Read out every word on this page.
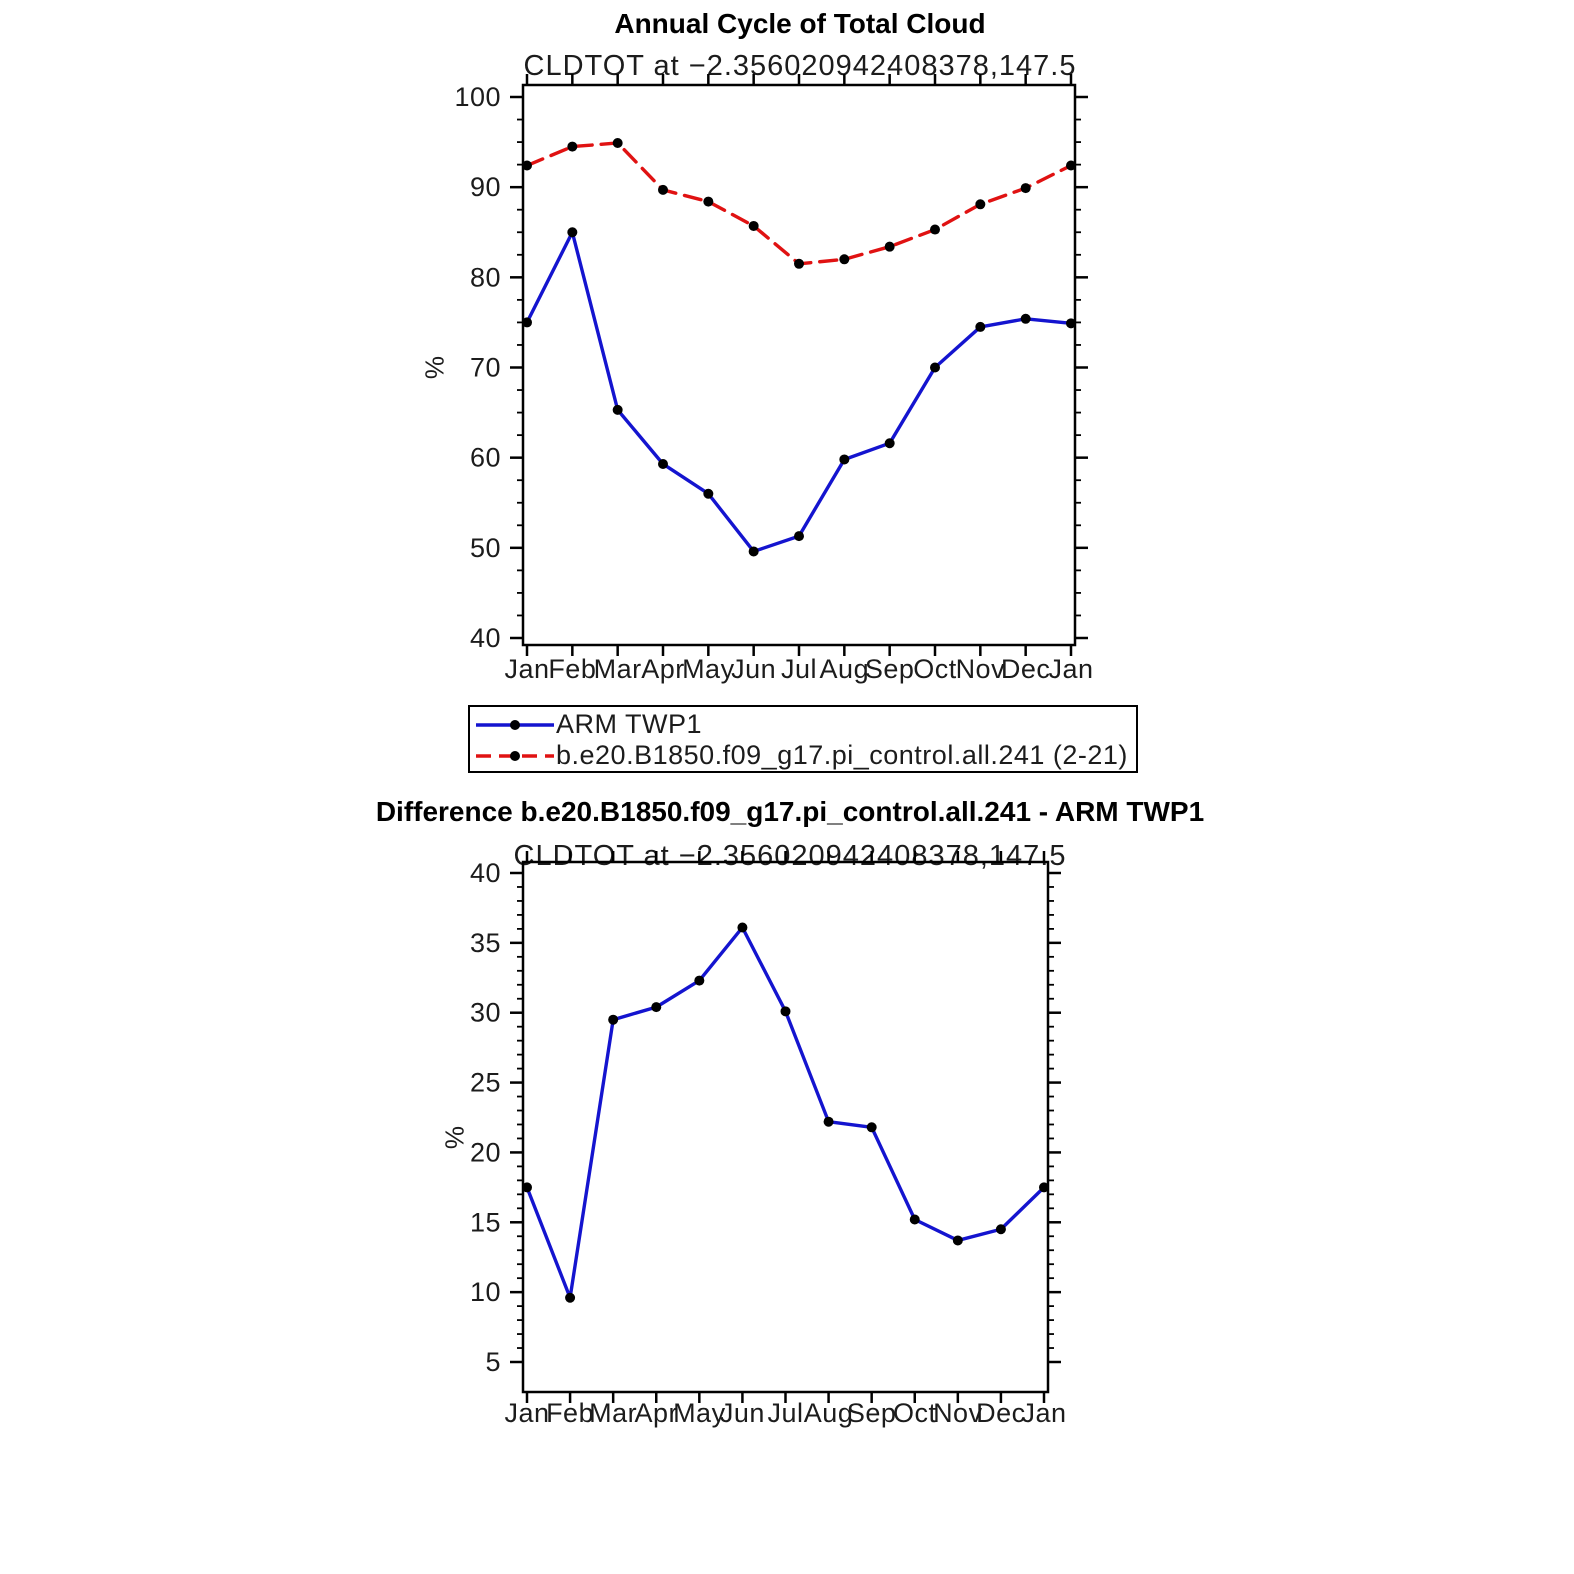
Annual Cycle of Total Cloud
CLDTOT at −2.356020942408378,147.5
%
Difference b.e20.B1850.f09_g17.pi_control.all.241 - ARM TWP1
CLDTOT at −2.356020942408378,147.5
%
40
50
60
70
80
90
100
Jan
Feb
Mar Apr
May
Jun Jul Aug
Sep
Oct
Nov
Dec
Jan
5
10
15
20
25
30
35
40
Jan
Feb
Mar
Apr
May
Jun Jul Aug
Sep
Oct
Nov
Dec
Jan
ARM TWP1
b.e20.B1850.f09_g17.pi_control.all.241 (2-21)
